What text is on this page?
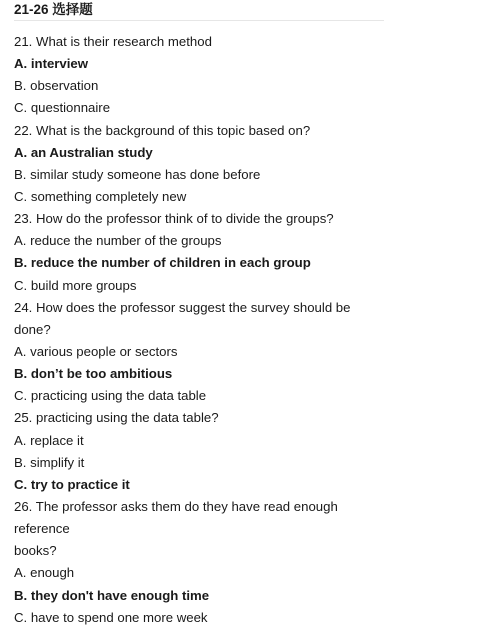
21-26 选择题
21. What is their research method
A. interview
B. observation
C. questionnaire
22. What is the background of this topic based on?
A. an Australian study
B. similar study someone has done before
C. something completely new
23. How do the professor think of to divide the groups?
A. reduce the number of the groups
B. reduce the number of children in each group
C. build more groups
24. How does the professor suggest the survey should be
done?
A. various people or sectors
B. don’t be too ambitious
C. practicing using the data table
25. practicing using the data table?
A. replace it
B. simplify it
C. try to practice it
26. The professor asks them do they have read enough
reference
books?
A. enough
B. they don't have enough time
C. have to spend one more week
